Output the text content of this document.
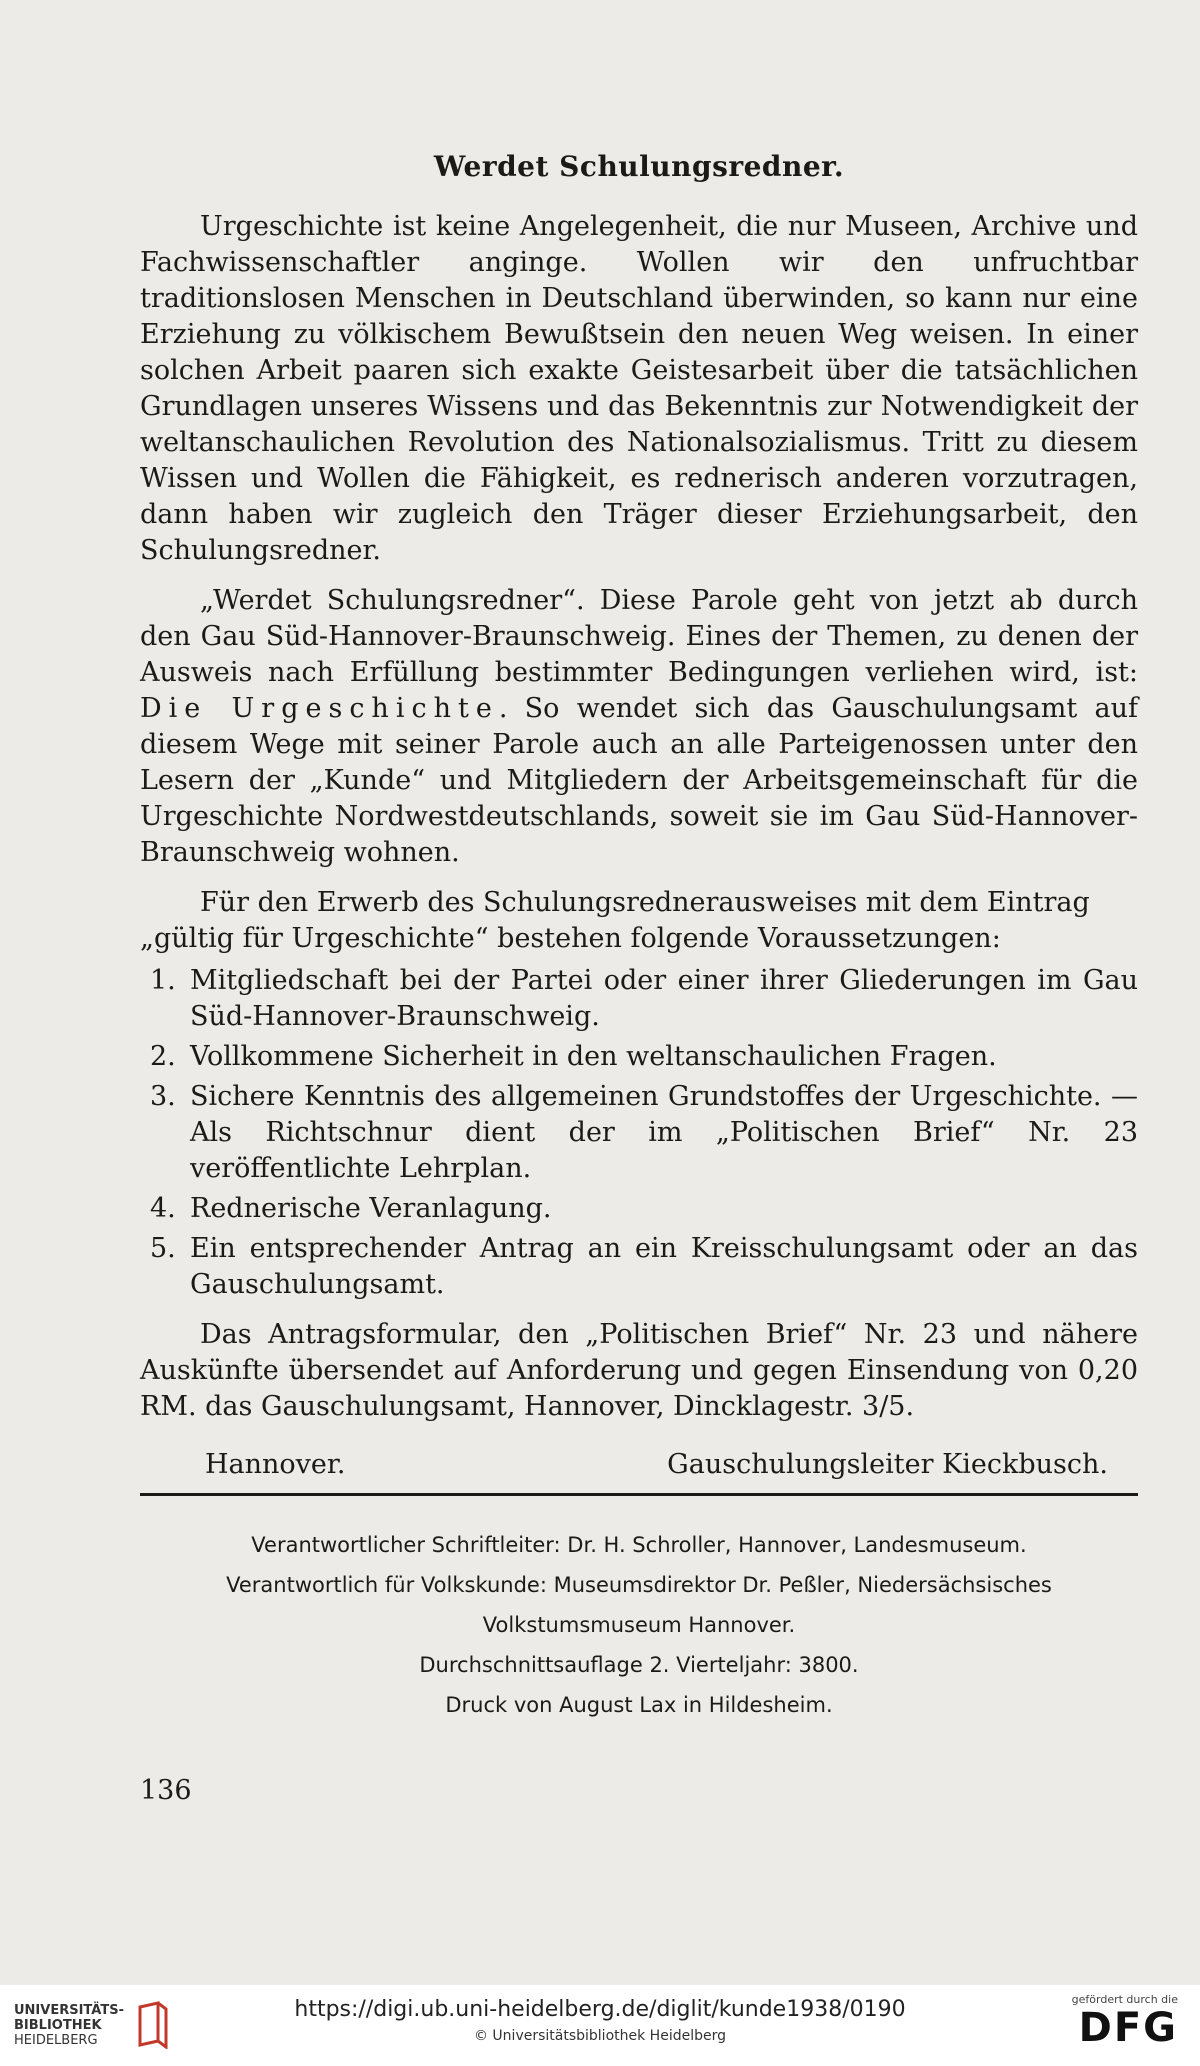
Werdet Schulungsredner.

Urgeschichte ist keine Angelegenheit, die nur Museen, Archive und Fachwissenschaftler anginge. Wollen wir den unfruchtbar traditionslosen Menschen in Deutschland überwinden, so kann nur eine Erziehung zu völkischem Bewußtsein den neuen Weg weisen. In einer solchen Arbeit paaren sich exakte Geistesarbeit über die tatsächlichen Grundlagen unseres Wissens und das Bekenntnis zur Notwendigkeit der weltanschaulichen Revolution des Nationalsozialismus. Tritt zu diesem Wissen und Wollen die Fähigkeit, es rednerisch anderen vorzutragen, dann haben wir zugleich den Träger dieser Erziehungsarbeit, den Schulungsredner.

„Werdet Schulungsredner“. Diese Parole geht von jetzt ab durch den Gau Süd-Hannover-Braunschweig. Eines der Themen, zu denen der Ausweis nach Erfüllung bestimmter Bedingungen verliehen wird, ist: Die Urgeschichte. So wendet sich das Gauschulungsamt auf diesem Wege mit seiner Parole auch an alle Parteigenossen unter den Lesern der „Kunde“ und Mitgliedern der Arbeitsgemeinschaft für die Urgeschichte Nordwestdeutschlands, soweit sie im Gau Süd-Hannover-Braunschweig wohnen.

Für den Erwerb des Schulungsrednerausweises mit dem Eintrag „gültig für Urgeschichte“ bestehen folgende Voraussetzungen:

1. Mitgliedschaft bei der Partei oder einer ihrer Gliederungen im Gau Süd-Hannover-Braunschweig.
2. Vollkommene Sicherheit in den weltanschaulichen Fragen.
3. Sichere Kenntnis des allgemeinen Grundstoffes der Urgeschichte. — Als Richtschnur dient der im „Politischen Brief“ Nr. 23 veröffentlichte Lehrplan.
4. Rednerische Veranlagung.
5. Ein entsprechender Antrag an ein Kreisschulungsamt oder an das Gauschulungsamt.

Das Antragsformular, den „Politischen Brief“ Nr. 23 und nähere Auskünfte übersendet auf Anforderung und gegen Einsendung von 0,20 RM. das Gauschulungsamt, Hannover, Dincklagestr. 3/5.

Hannover.	Gauschulungsleiter Kieckbusch.
Verantwortlicher Schriftleiter: Dr. H. Schroller, Hannover, Landesmuseum.
Verantwortlich für Volkskunde: Museumsdirektor Dr. Peßler, Niedersächsisches
Volkstumsmuseum Hannover.
Durchschnittsauflage 2. Vierteljahr: 3800.
Druck von August Lax in Hildesheim.
136
UNIVERSITÄTS-
BIBLIOTHEK
HEIDELBERG
https://digi.ub.uni-heidelberg.de/diglit/kunde1938/0190
© Universitätsbibliothek Heidelberg
gefördert durch die
DFG
